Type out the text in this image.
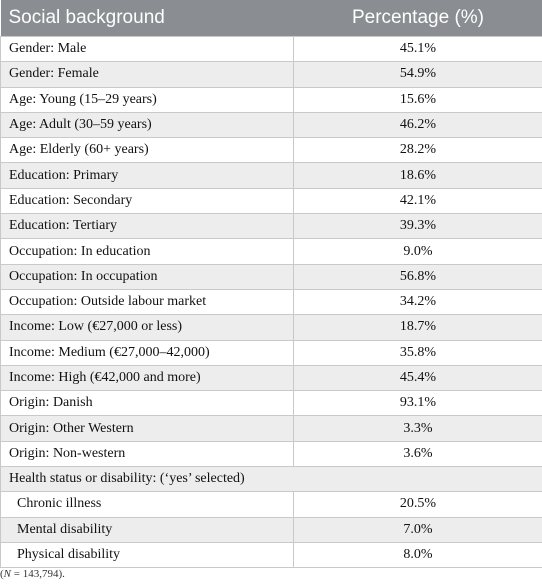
Social background	Percentage (%)
Gender: Male	45.1%
Gender: Female	54.9%
Age: Young (15–29 years)	15.6%
Age: Adult (30–59 years)	46.2%
Age: Elderly (60+ years)	28.2%
Education: Primary	18.6%
Education: Secondary	42.1%
Education: Tertiary	39.3%
Occupation: In education	9.0%
Occupation: In occupation	56.8%
Occupation: Outside labour market	34.2%
Income: Low (€27,000 or less)	18.7%
Income: Medium (€27,000–42,000)	35.8%
Income: High (€42,000 and more)	45.4%
Origin: Danish	93.1%
Origin: Other Western	3.3%
Origin: Non-western	3.6%
Health status or disability: (‘yes’ selected)	
Chronic illness	20.5%
Mental disability	7.0%
Physical disability	8.0%
(N = 143,794).
